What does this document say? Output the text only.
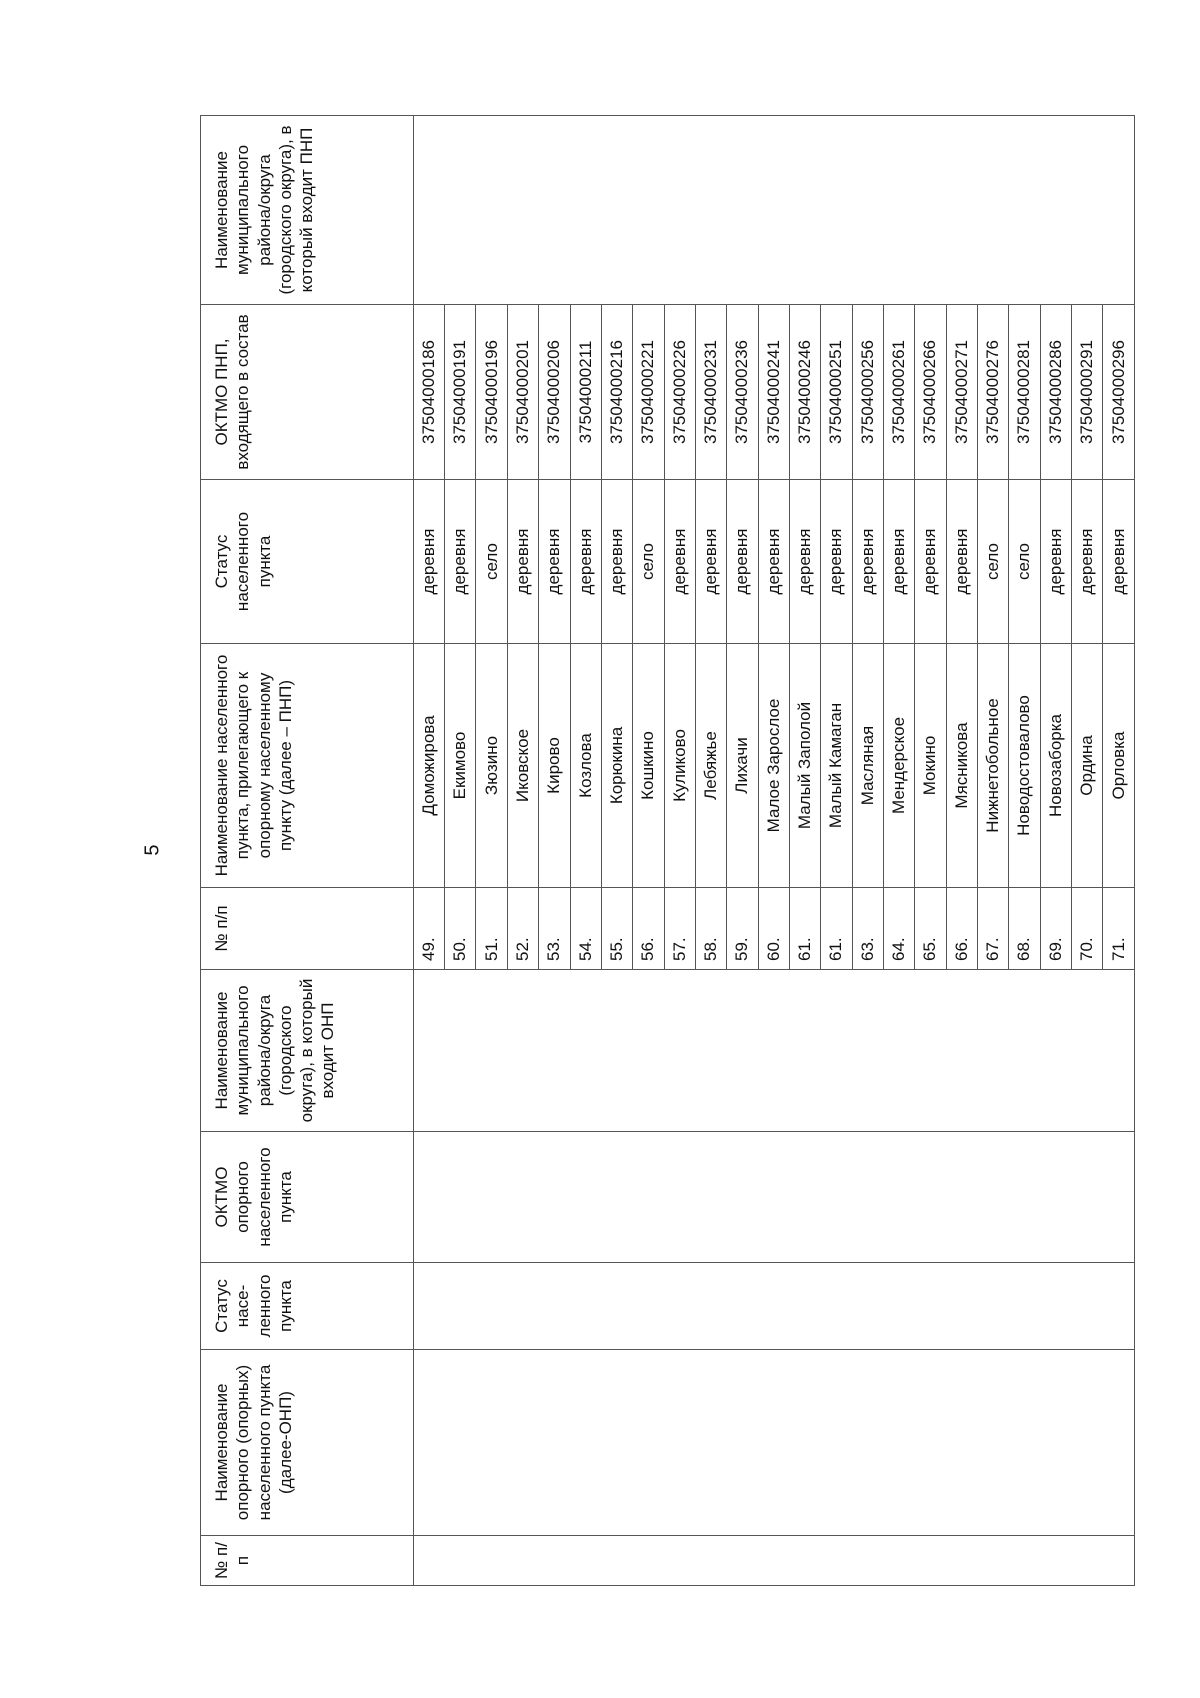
5
№ п/п	Наименование опорного (опорных) населенного пункта (далее-ОНП)	Статус насе-ленного пункта	ОКТМО опорного населенного пункта	Наименование муниципального района/округа (городского округа), в который входит ОНП	№ п/п	Наименование населенного пункта, прилегающего к опорному населенному пункту (далее – ПНП)	Статус населенного пункта	ОКТМО ПНП, входящего в состав	Наименование муниципального района/округа (городского округа), в который входит ПНП
					49.	Доможирова	деревня	37504000186	
					50.	Екимово	деревня	37504000191	
					51.	Зюзино	село	37504000196	
					52.	Иковское	деревня	37504000201	
					53.	Кирово	деревня	37504000206	
					54.	Козлова	деревня	37504000211	
					55.	Корюкина	деревня	37504000216	
					56.	Кошкино	село	37504000221	
					57.	Куликово	деревня	37504000226	
					58.	Лебяжье	деревня	37504000231	
					59.	Лихачи	деревня	37504000236	
					60.	Малое Зарослое	деревня	37504000241	
					61.	Малый Заполой	деревня	37504000246	
					61.	Малый Камаган	деревня	37504000251	
					63.	Масляная	деревня	37504000256	
					64.	Мендерское	деревня	37504000261	
					65.	Мокино	деревня	37504000266	
					66.	Мясникова	деревня	37504000271	
					67.	Нижнетобольное	село	37504000276	
					68.	Новодостовалово	село	37504000281	
					69.	Новозаборка	деревня	37504000286	
					70.	Ордина	деревня	37504000291	
					71.	Орловка	деревня	37504000296	
